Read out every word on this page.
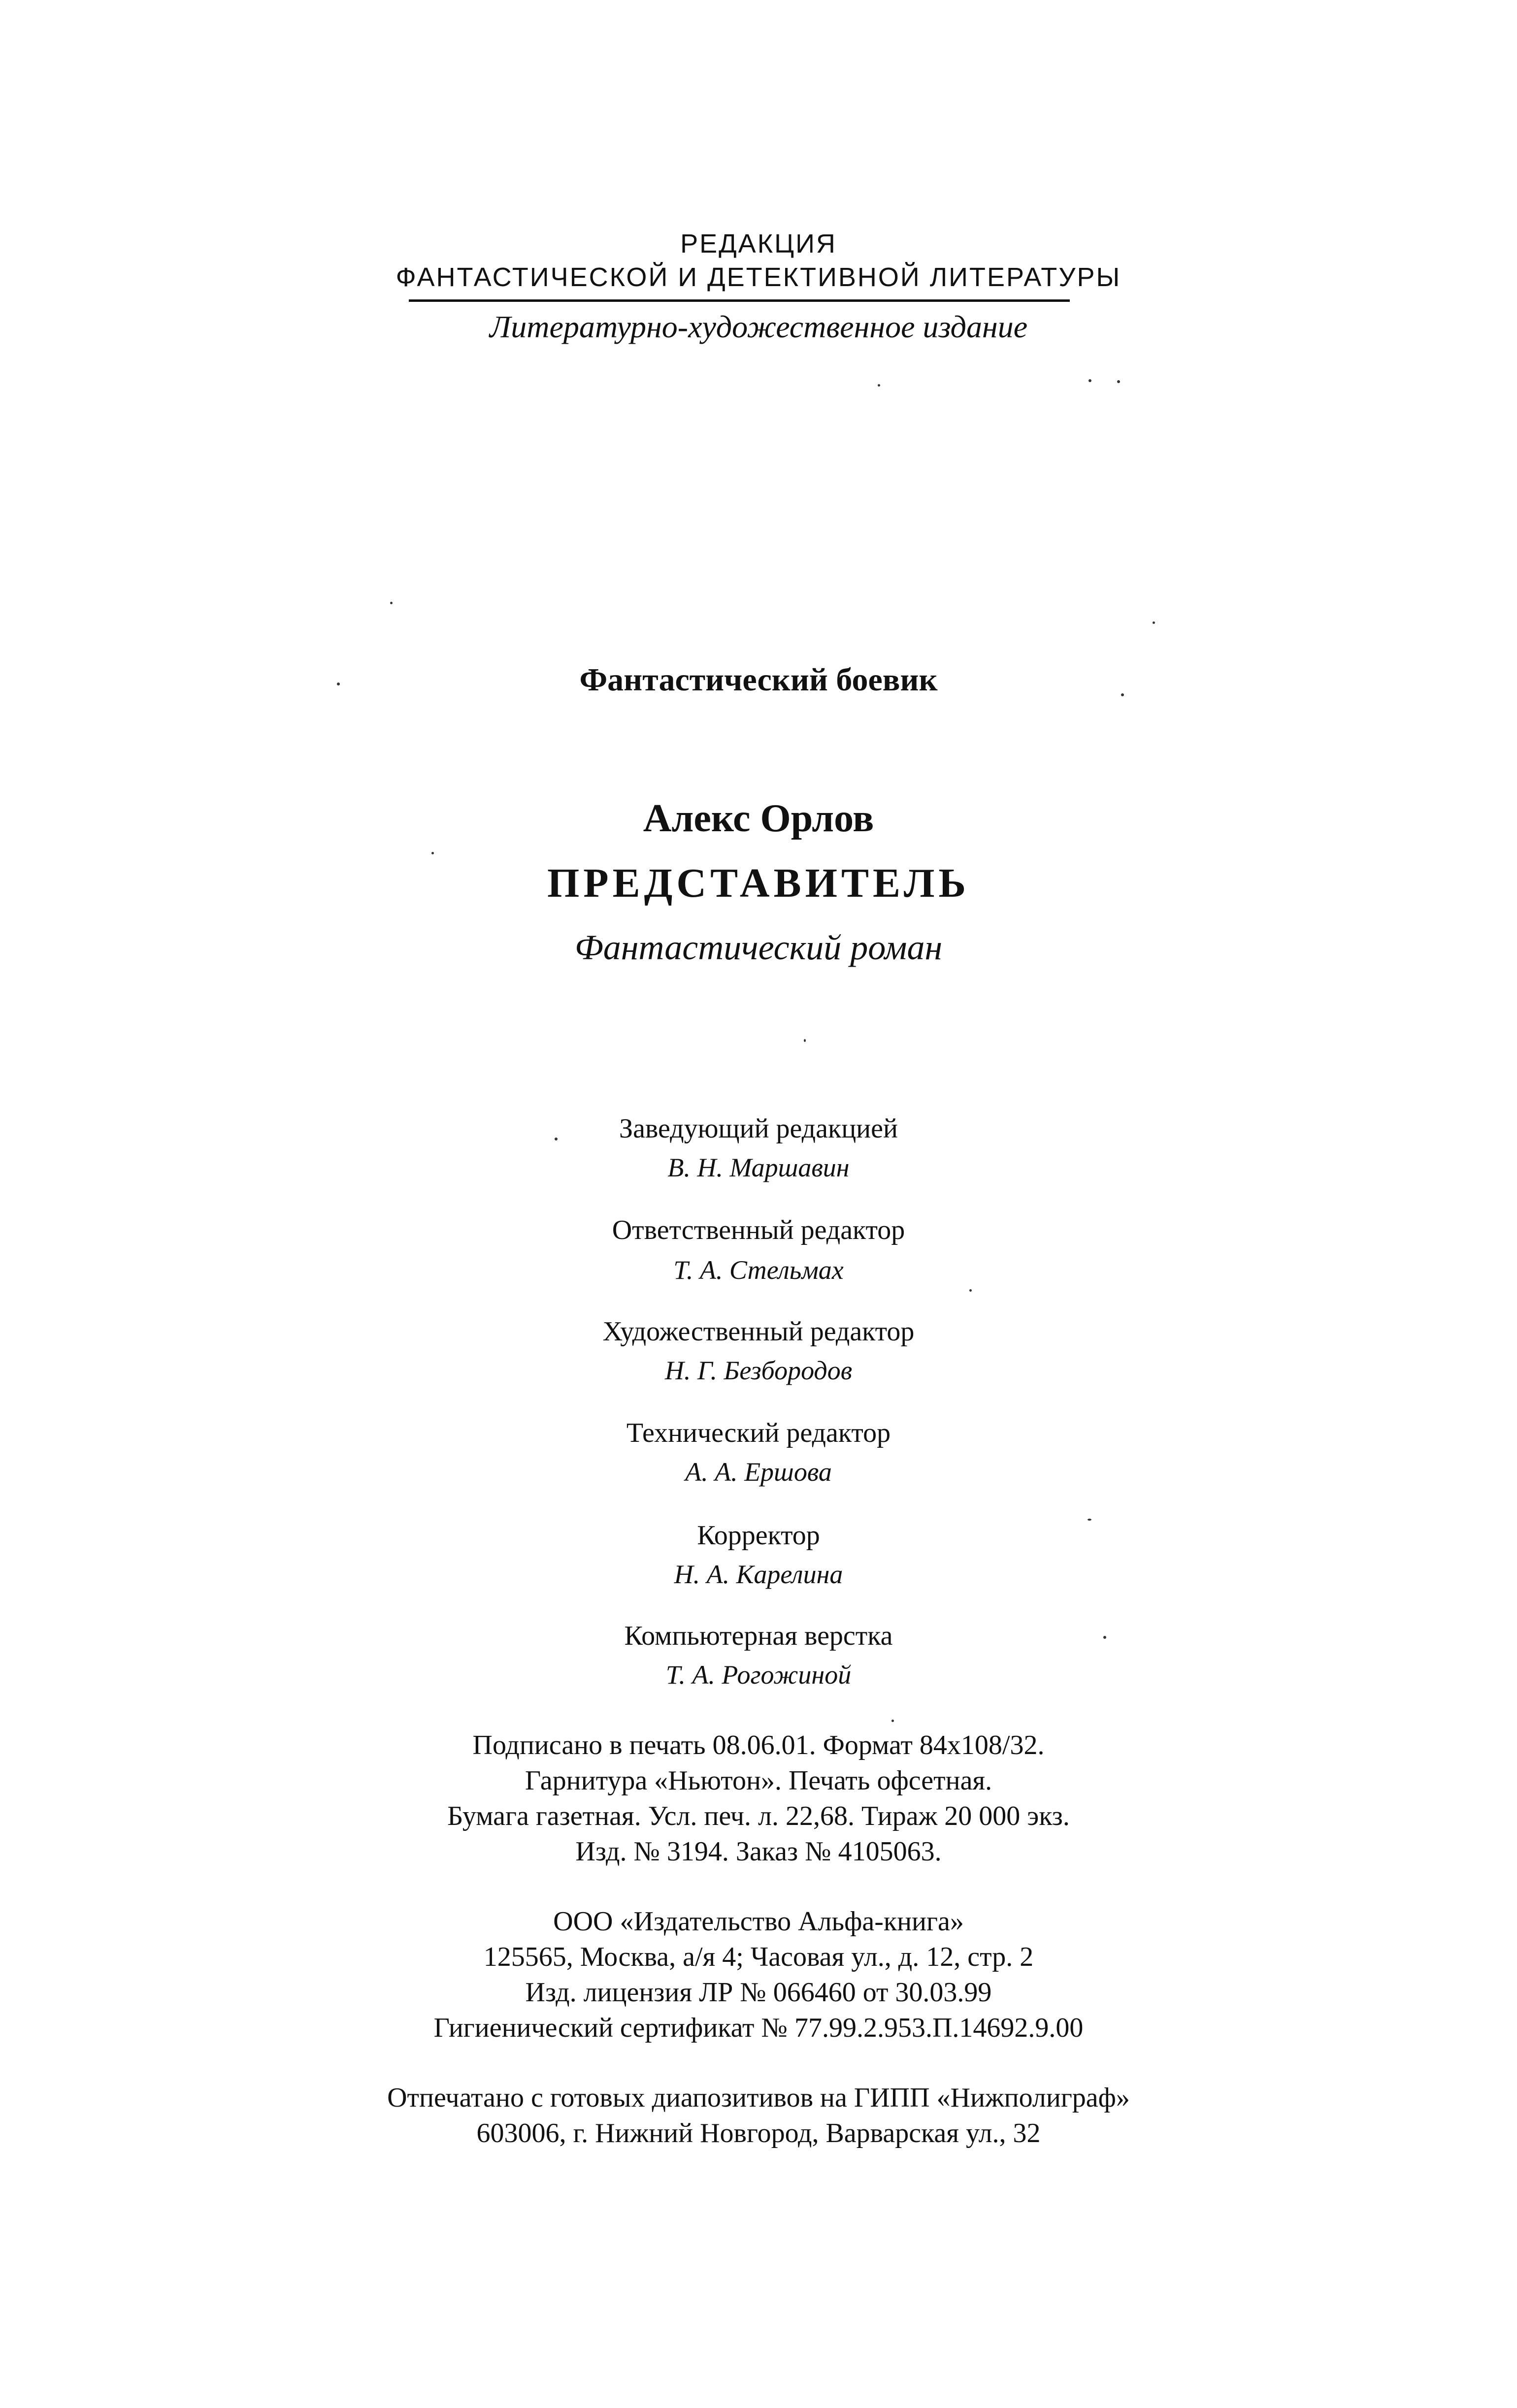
РЕДАКЦИЯ

ФАНТАСТИЧЕСКОЙ И ДЕТЕКТИВНОЙ ЛИТЕРАТУРЫ

Литературно-художественное издание

Фантастический боевик

Алекс Орлов

ПРЕДСТАВИТЕЛЬ

Фантастический роман

Заведующий редакцией

В. Н. Маршавин

Ответственный редактор

Т. А. Стельмах

Художественный редактор

Н. Г. Безбородов

Технический редактор

А. А. Ершова

Корректор

Н. А. Карелина

Компьютерная верстка

Т. А. Рогожиной

Подписано в печать 08.06.01. Формат 84x108/32.

Гарнитура «Ньютон». Печать офсетная.

Бумага газетная. Усл. печ. л. 22,68. Тираж 20 000 экз.

Изд. № 3194. Заказ № 4105063.

ООО «Издательство Альфа-книга»

125565, Москва, а/я 4; Часовая ул., д. 12, стр. 2

Изд. лицензия ЛР № 066460 от 30.03.99

Гигиенический сертификат № 77.99.2.953.П.14692.9.00

Отпечатано с готовых диапозитивов на ГИПП «Нижполиграф»

603006, г. Нижний Новгород, Варварская ул., 32
